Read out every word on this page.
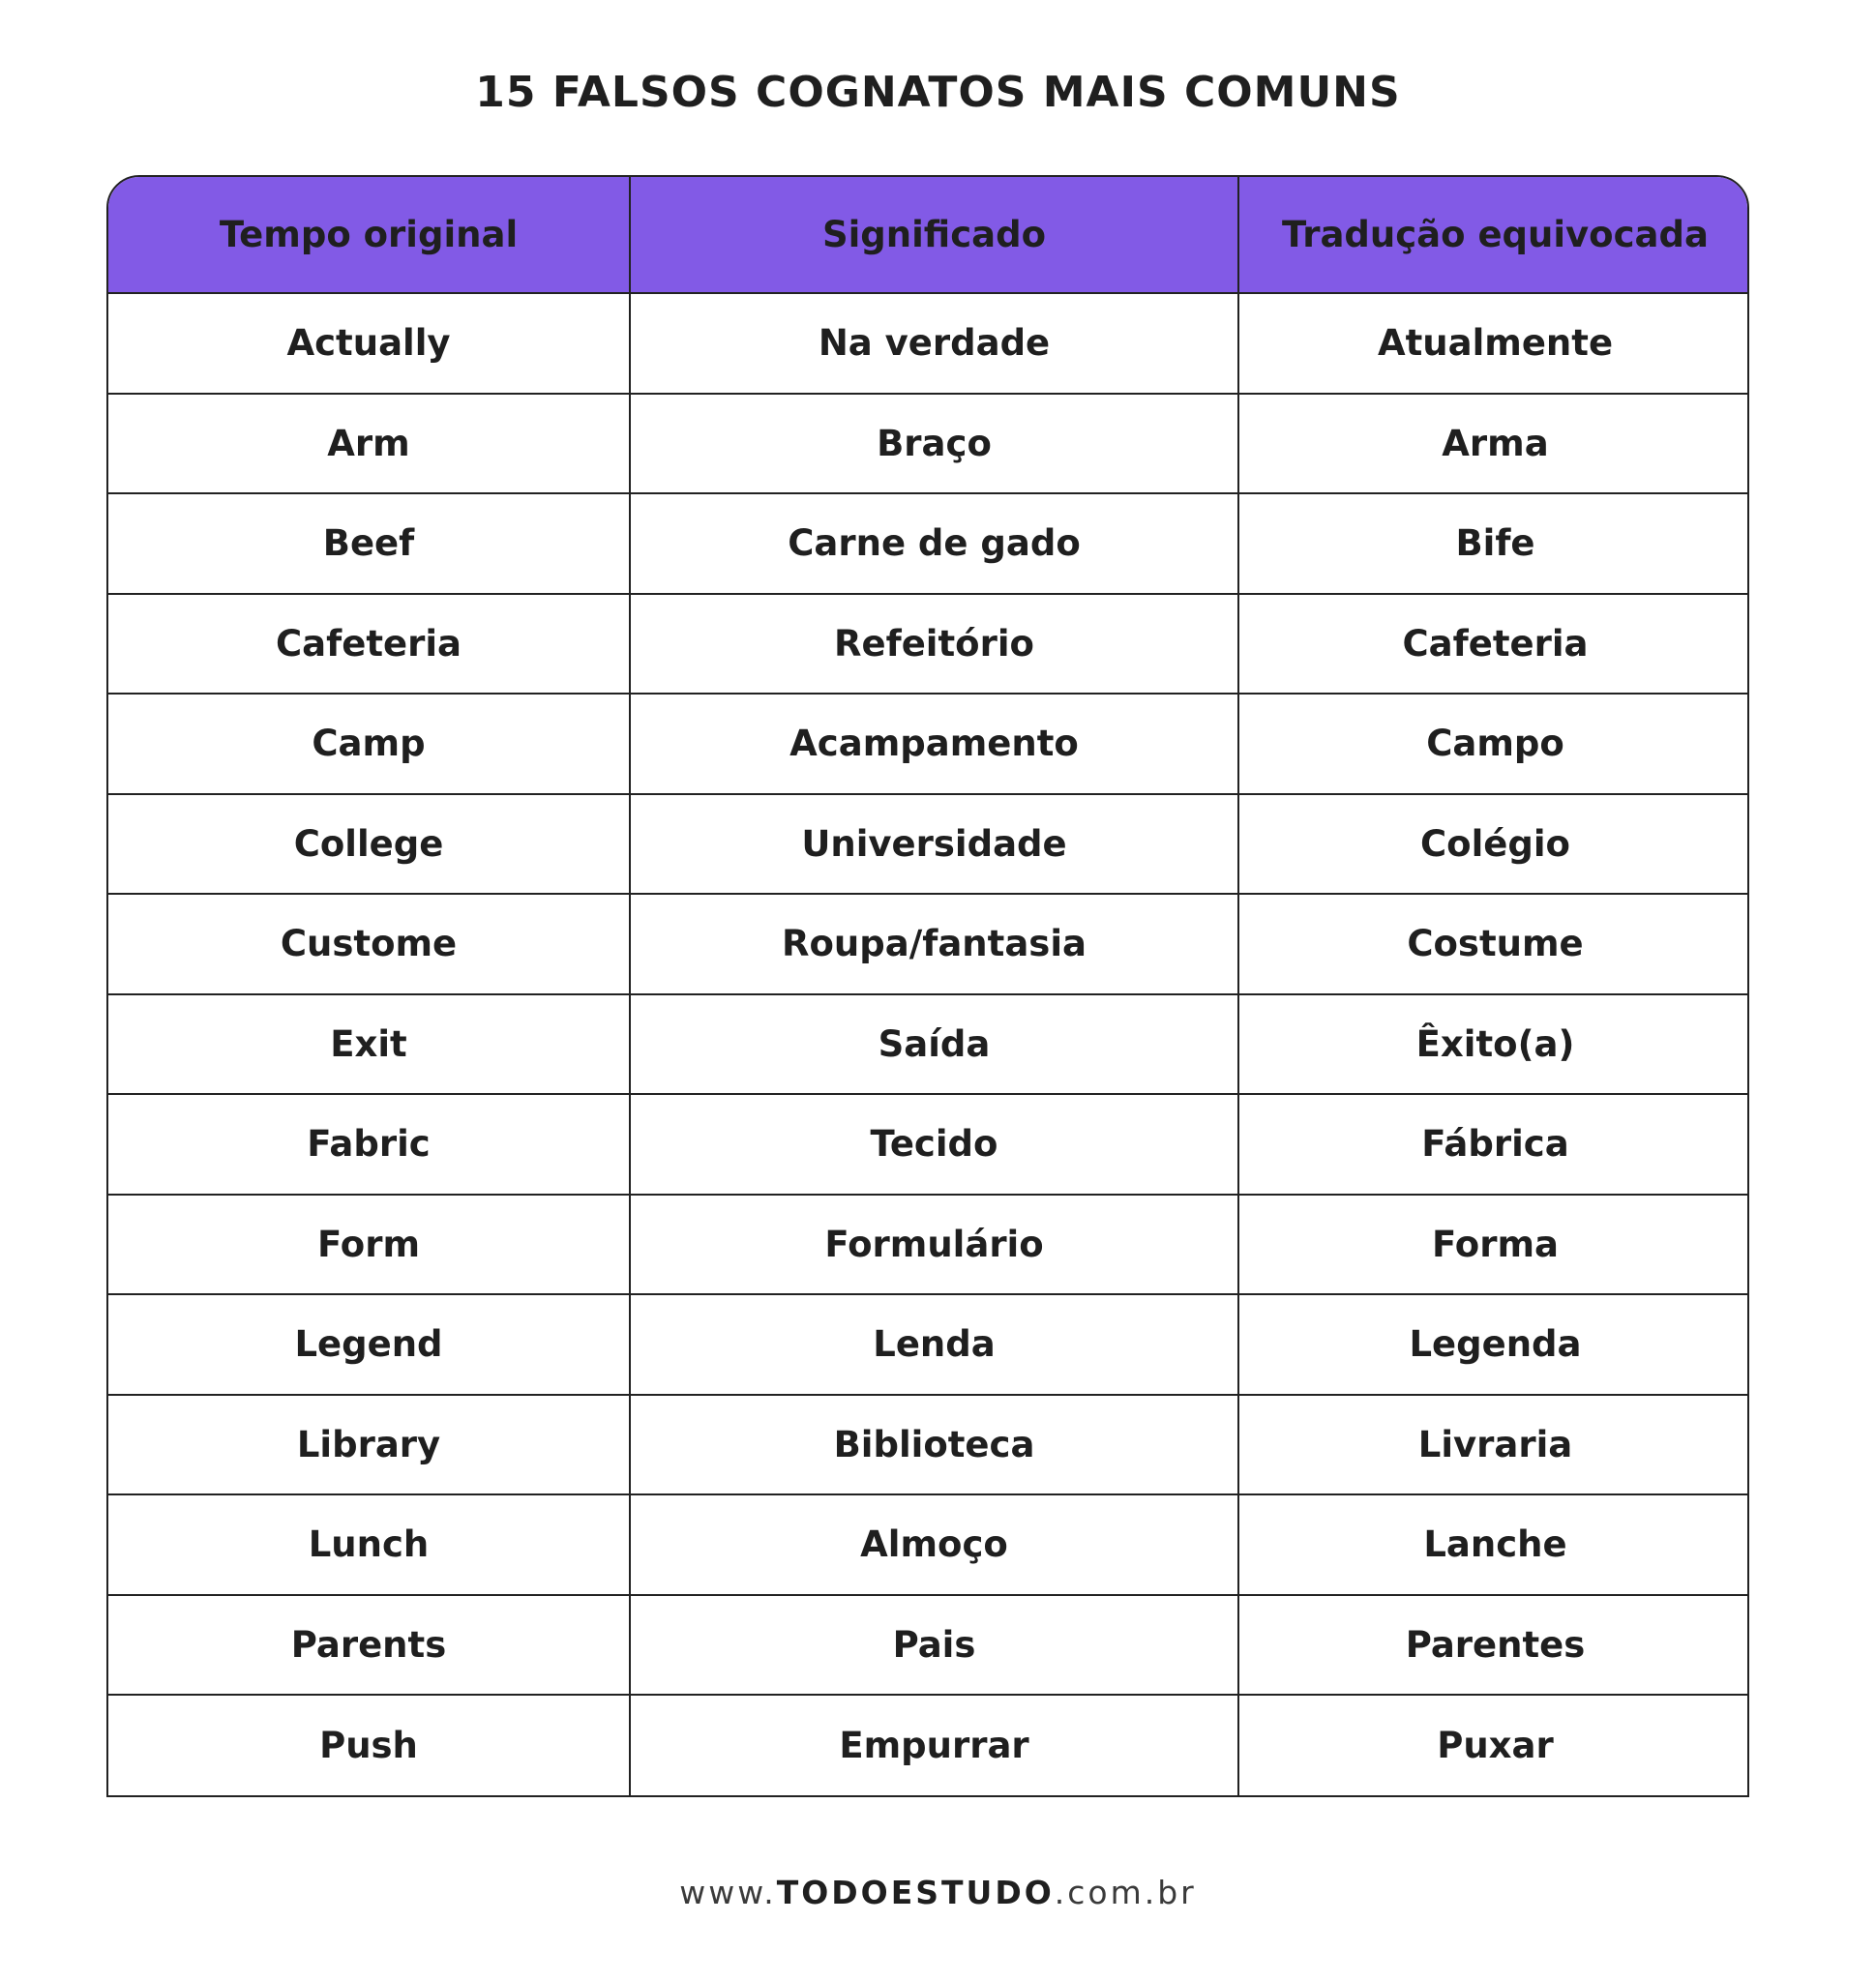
15 FALSOS COGNATOS MAIS COMUNS
Tempo original	Significado	Tradução equivocada
Actually	Na verdade	Atualmente
Arm	Braço	Arma
Beef	Carne de gado	Bife
Cafeteria	Refeitório	Cafeteria
Camp	Acampamento	Campo
College	Universidade	Colégio
Custome	Roupa/fantasia	Costume
Exit	Saída	Êxito(a)
Fabric	Tecido	Fábrica
Form	Formulário	Forma
Legend	Lenda	Legenda
Library	Biblioteca	Livraria
Lunch	Almoço	Lanche
Parents	Pais	Parentes
Push	Empurrar	Puxar
www.TODOESTUDO.com.br
